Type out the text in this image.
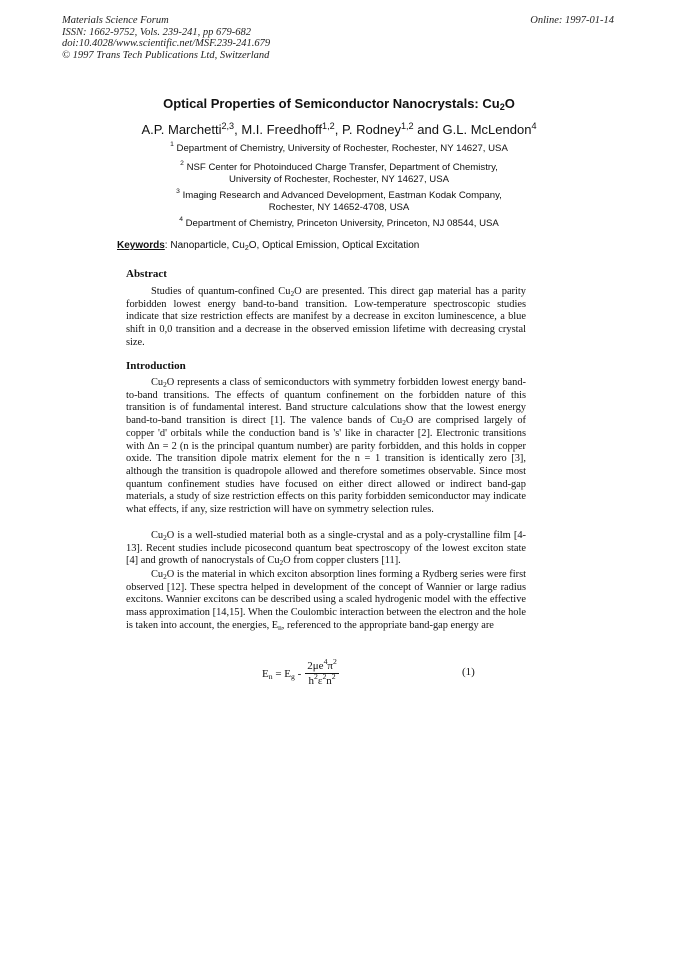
Materials Science Forum
ISSN: 1662-9752, Vols. 239-241, pp 679-682
doi:10.4028/www.scientific.net/MSF.239-241.679
© 1997 Trans Tech Publications Ltd, Switzerland
Online: 1997-01-14
Optical Properties of Semiconductor Nanocrystals: $Cu_2O$
A.P. Marchetti$^{2,3}$, M.I. Freedhoff$^{1,2}$, P. Rodney$^{1,2}$ and G.L. McLendon$^4$
$^1$ Department of Chemistry, University of Rochester, Rochester, NY 14627, USA
$^2$ NSF Center for Photoinduced Charge Transfer, Department of Chemistry,
University of Rochester, Rochester, NY 14627, USA
$^3$ Imaging Research and Advanced Development, Eastman Kodak Company,
Rochester, NY 14652-4708, USA
$^4$ Department of Chemistry, Princeton University, Princeton, NJ 08544, USA
Keywords: Nanoparticle, $Cu_2O$, Optical Emission, Optical Excitation
Abstract
Studies of quantum-confined $Cu_2O$ are presented. This direct gap material has a parity forbidden lowest energy band-to-band transition. Low-temperature spectroscopic studies indicate that size restriction effects are manifest by a decrease in exciton luminescence, a blue shift in 0,0 transition and a decrease in the observed emission lifetime with decreasing crystal size.
Introduction
$Cu_2O$ represents a class of semiconductors with symmetry forbidden lowest energy band-to-band transitions. The effects of quantum confinement on the forbidden nature of this transition is of fundamental interest. Band structure calculations show that the lowest energy band-to-band transition is direct [1]. The valence bands of $Cu_2O$ are comprised largely of copper 'd' orbitals while the conduction band is 's' like in character [2]. Electronic transitions with Δn = 2 (n is the principal quantum number) are parity forbidden, and this holds in copper oxide. The transition dipole matrix element for the n = 1 transition is identically zero [3], although the transition is quadropole allowed and therefore sometimes observable. Since most quantum confinement studies have focused on either direct allowed or indirect band-gap materials, a study of size restriction effects on this parity forbidden semiconductor may indicate what effects, if any, size restriction will have on symmetry selection rules.
$Cu_2O$ is a well-studied material both as a single-crystal and as a poly-crystalline film [4-13]. Recent studies include picosecond quantum beat spectroscopy of the lowest exciton state [4] and growth of nanocrystals of $Cu_2O$ from copper clusters [11].
$Cu_2O$ is the material in which exciton absorption lines forming a Rydberg series were first observed [12]. These spectra helped in development of the concept of Wannier or large radius excitons. Wannier excitons can be described using a scaled hydrogenic model with the effective mass approximation [14,15]. When the Coulombic interaction between the electron and the hole is taken into account, the energies, $E_n$, referenced to the appropriate band-gap energy are
$E_n = E_g - \frac{2\mu e^4\pi^2}{h^2\varepsilon^2n^2}$	(1)
